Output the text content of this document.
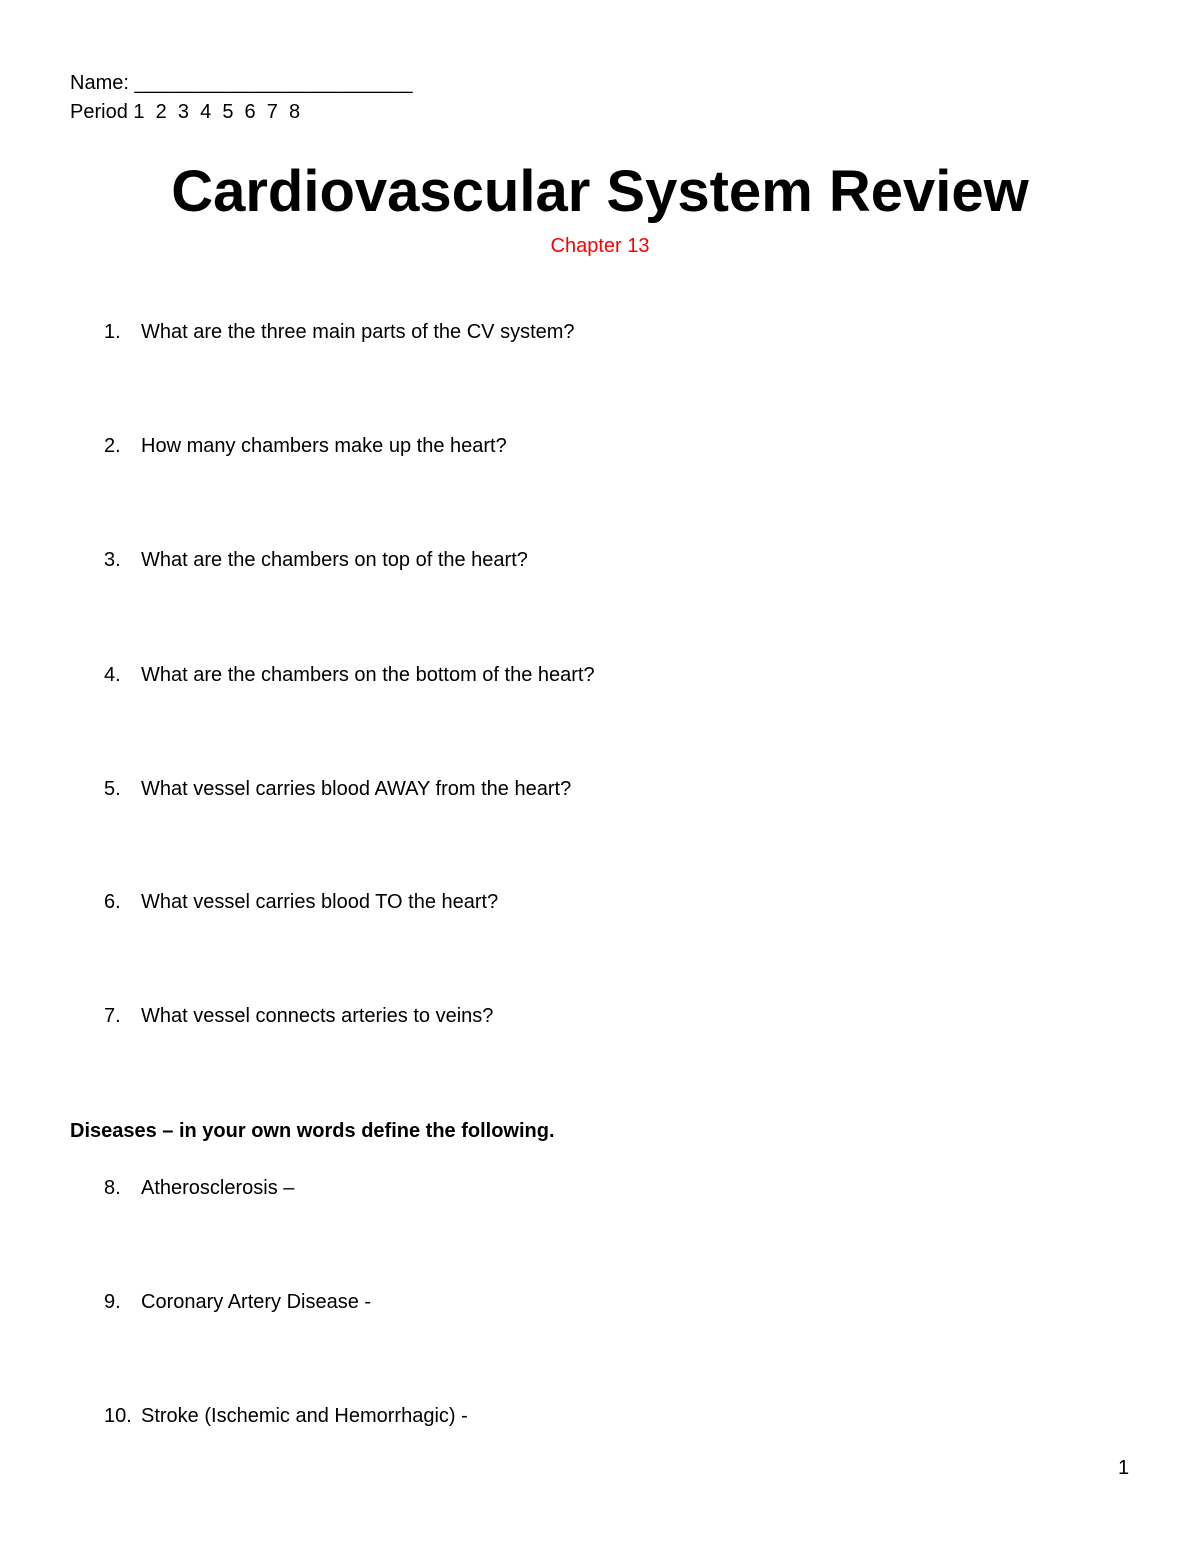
Name: _________________________
Period 1  2  3  4  5  6  7  8
Cardiovascular System Review
Chapter 13
1. What are the three main parts of the CV system?
2. How many chambers make up the heart?
3. What are the chambers on top of the heart?
4. What are the chambers on the bottom of the heart?
5. What vessel carries blood AWAY from the heart?
6. What vessel carries blood TO the heart?
7. What vessel connects arteries to veins?
Diseases – in your own words define the following.
8. Atherosclerosis –
9. Coronary Artery Disease -
10. Stroke (Ischemic and Hemorrhagic) -
1
